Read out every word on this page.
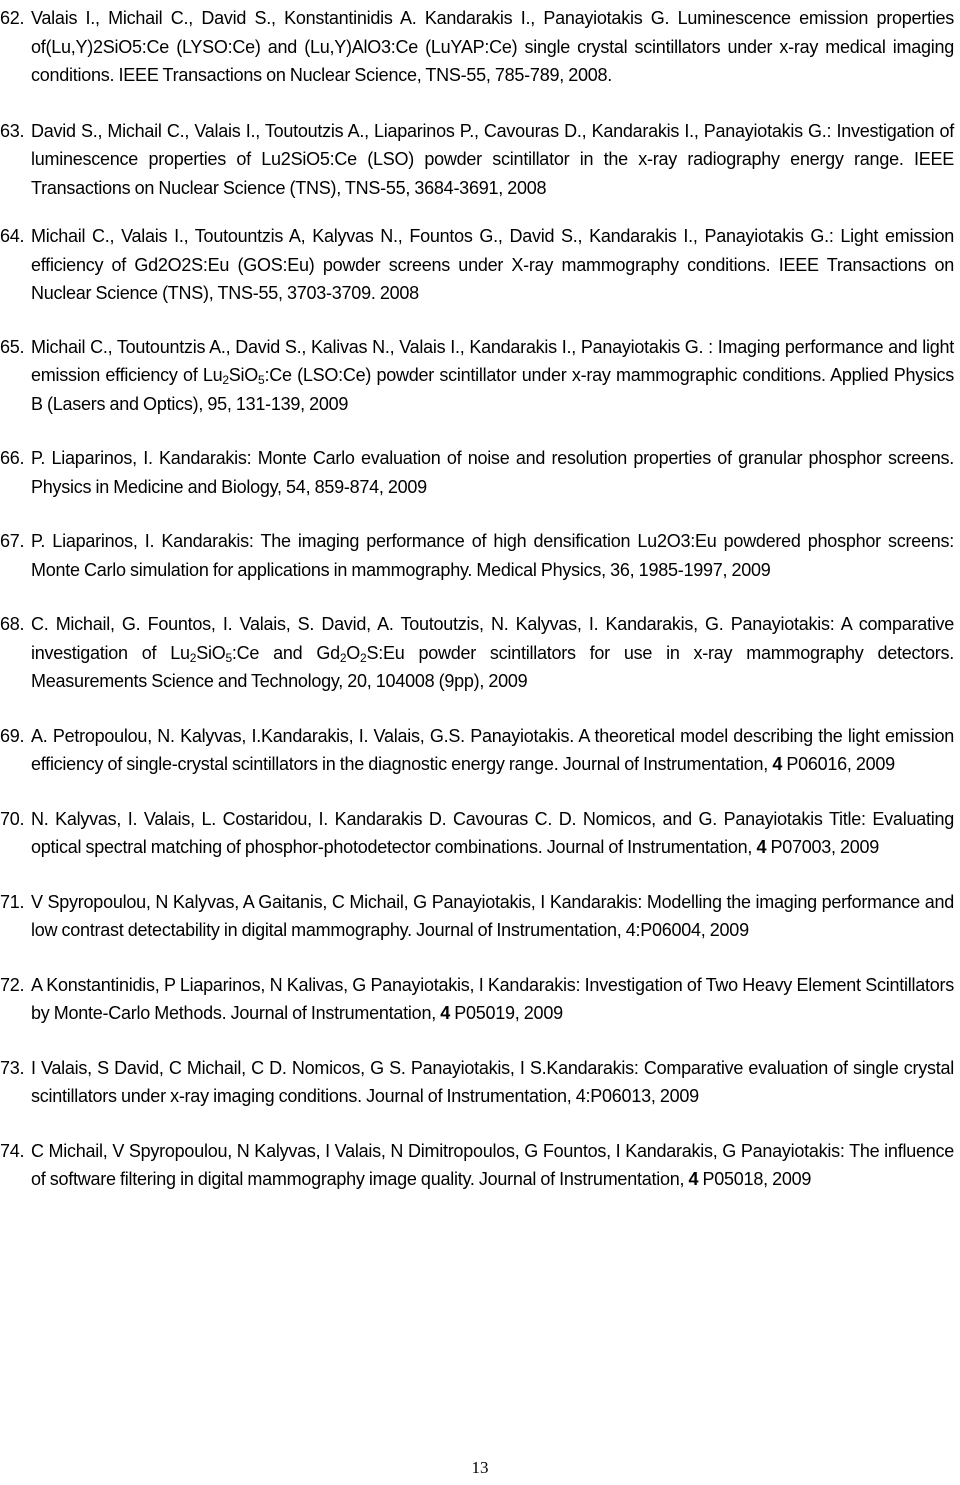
62. Valais I., Michail C., David S., Konstantinidis A. Kandarakis I., Panayiotakis G. Luminescence emission properties of(Lu,Y)2SiO5:Ce (LYSO:Ce) and (Lu,Y)AlO3:Ce (LuYAP:Ce) single crystal scintillators under x-ray medical imaging conditions. IEEE Transactions on Nuclear Science, TNS-55, 785-789, 2008.
63. David S., Michail C., Valais I., Toutoutzis A., Liaparinos P., Cavouras D., Kandarakis I., Panayiotakis G.: Investigation of luminescence properties of Lu2SiO5:Ce (LSO) powder scintillator in the x-ray radiography energy range. IEEE Transactions on Nuclear Science (TNS), TNS-55, 3684-3691, 2008
64. Michail C., Valais I., Toutountzis A, Kalyvas N., Fountos G., David S., Kandarakis I., Panayiotakis G.: Light emission efficiency of Gd2O2S:Eu (GOS:Eu) powder screens under X-ray mammography conditions. IEEE Transactions on Nuclear Science (TNS), TNS-55, 3703-3709. 2008
65. Michail C., Toutountzis A., David S., Kalivas N., Valais I., Kandarakis I., Panayiotakis G. : Imaging performance and light emission efficiency of $Lu_2SiO_5:Ce$ (LSO:Ce) powder scintillator under x-ray mammographic conditions. Applied Physics B (Lasers and Optics), 95, 131-139, 2009
66. P. Liaparinos, I. Kandarakis: Monte Carlo evaluation of noise and resolution properties of granular phosphor screens. Physics in Medicine and Biology, 54, 859-874, 2009
67. P. Liaparinos, I. Kandarakis: The imaging performance of high densification Lu2O3:Eu powdered phosphor screens: Monte Carlo simulation for applications in mammography. Medical Physics, 36, 1985-1997, 2009
68. C. Michail, G. Fountos, I. Valais, S. David, A. Toutoutzis, N. Kalyvas, I. Kandarakis, G. Panayiotakis: A comparative investigation of $Lu_2SiO_5:Ce$ and $Gd_2O_2S:Eu$ powder scintillators for use in x-ray mammography detectors. Measurements Science and Technology, 20, 104008 (9pp), 2009
69. A. Petropoulou, N. Kalyvas, I.Kandarakis, I. Valais, G.S. Panayiotakis. A theoretical model describing the light emission efficiency of single-crystal scintillators in the diagnostic energy range. Journal of Instrumentation, 4 P06016, 2009
70. N. Kalyvas, I. Valais, L. Costaridou, I. Kandarakis D. Cavouras C. D. Nomicos, and G. Panayiotakis Title: Evaluating optical spectral matching of phosphor-photodetector combinations. Journal of Instrumentation, 4 P07003, 2009
71. V Spyropoulou, N Kalyvas, A Gaitanis, C Michail, G Panayiotakis, I Kandarakis: Modelling the imaging performance and low contrast detectability in digital mammography. Journal of Instrumentation, 4:P06004, 2009
72. A Konstantinidis, P Liaparinos, N Kalivas, G Panayiotakis, I Kandarakis: Investigation of Two Heavy Element Scintillators by Monte-Carlo Methods. Journal of Instrumentation, 4 P05019, 2009
73. I Valais, S David, C Michail, C D. Nomicos, G S. Panayiotakis, I S.Kandarakis: Comparative evaluation of single crystal scintillators under x-ray imaging conditions. Journal of Instrumentation, 4:P06013, 2009
74. C Michail, V Spyropoulou, N Kalyvas, I Valais, N Dimitropoulos, G Fountos, I Kandarakis, G Panayiotakis: The influence of software filtering in digital mammography image quality. Journal of Instrumentation, 4 P05018, 2009
13
